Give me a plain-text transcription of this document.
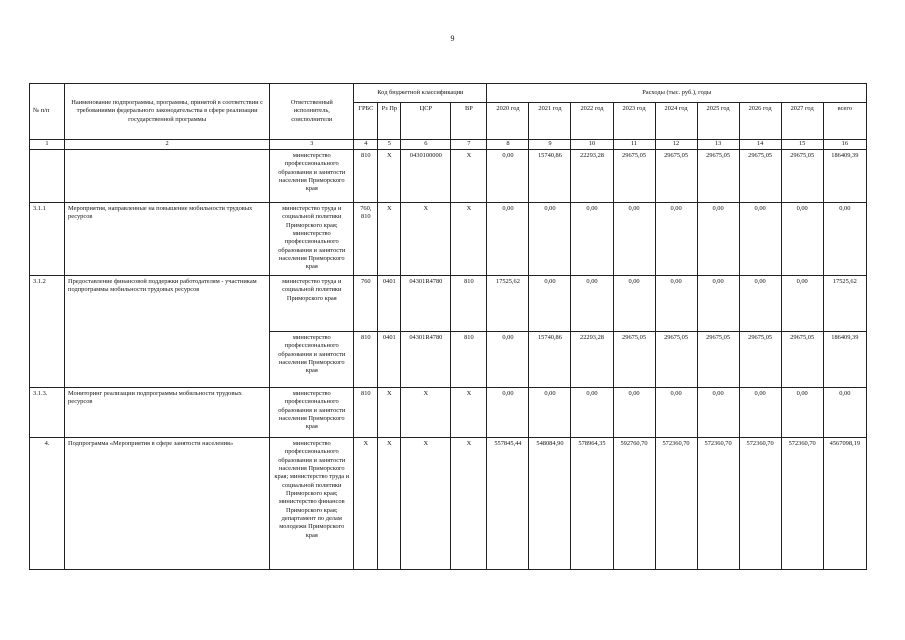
9
№ п/п	Наименование подпрограммы, программы, принятой в соответствии с требованиями федерального законодательства в сфере реализации государственной программы	Ответственный исполнитель, соисполнители	Код бюджетной классификации				Расходы (тыс. руб.), годы								
			ГРБС	Рз Пр	ЦСР	ВР	2020 год	2021 год	2022 год	2023 год	2024 год	2025 год	2026 год	2027 год	всего
1	2	3	4	5	6	7	8	9	10	11	12	13	14	15	16
		министерство профессионального образования и занятости населения Приморского края	810	Х	0430100000	Х	0,00	15740,86	22293,28	29675,05	29675,05	29675,05	29675,05	29675,05	186409,39
3.1.1	Мероприятия, направленные на повышение мобильности трудовых ресурсов	министерство труда и социальной политики Приморского края; министерство профессионального образования и занятости населения Приморского края	760, 810	Х	Х	Х	0,00	0,00	0,00	0,00	0,00	0,00	0,00	0,00	0,00
3.1.2	Предоставление финансовой поддержки работодателям - участникам подпрограммы мобильности трудовых ресурсов	министерство труда и социальной политики Приморского края	760	0401	04301R4780	810	17525,62	0,00	0,00	0,00	0,00	0,00	0,00	0,00	17525,62
		министерство профессионального образования и занятости населения Приморского края	810	0401	04301R4780	810	0,00	15740,86	22293,28	29675,05	29675,05	29675,05	29675,05	29675,05	186409,39
3.1.3.	Мониторинг реализации подпрограммы мобильности трудовых ресурсов	министерство профессионального образования и занятости населения Приморского края	810	Х	Х	Х	0,00	0,00	0,00	0,00	0,00	0,00	0,00	0,00	0,00
4.	Подпрограмма «Мероприятия в сфере занятости населения»	министерство профессионального образования и занятости населения Приморского края; министерство труда и социальной политики Приморского края; министерство финансов Приморского края; департамент по делам молодежи Приморского края	Х	Х	Х	Х	557845,44	548084,90	578964,35	592760,70	572360,70	572360,70	572360,70	572360,70	4567098,19
